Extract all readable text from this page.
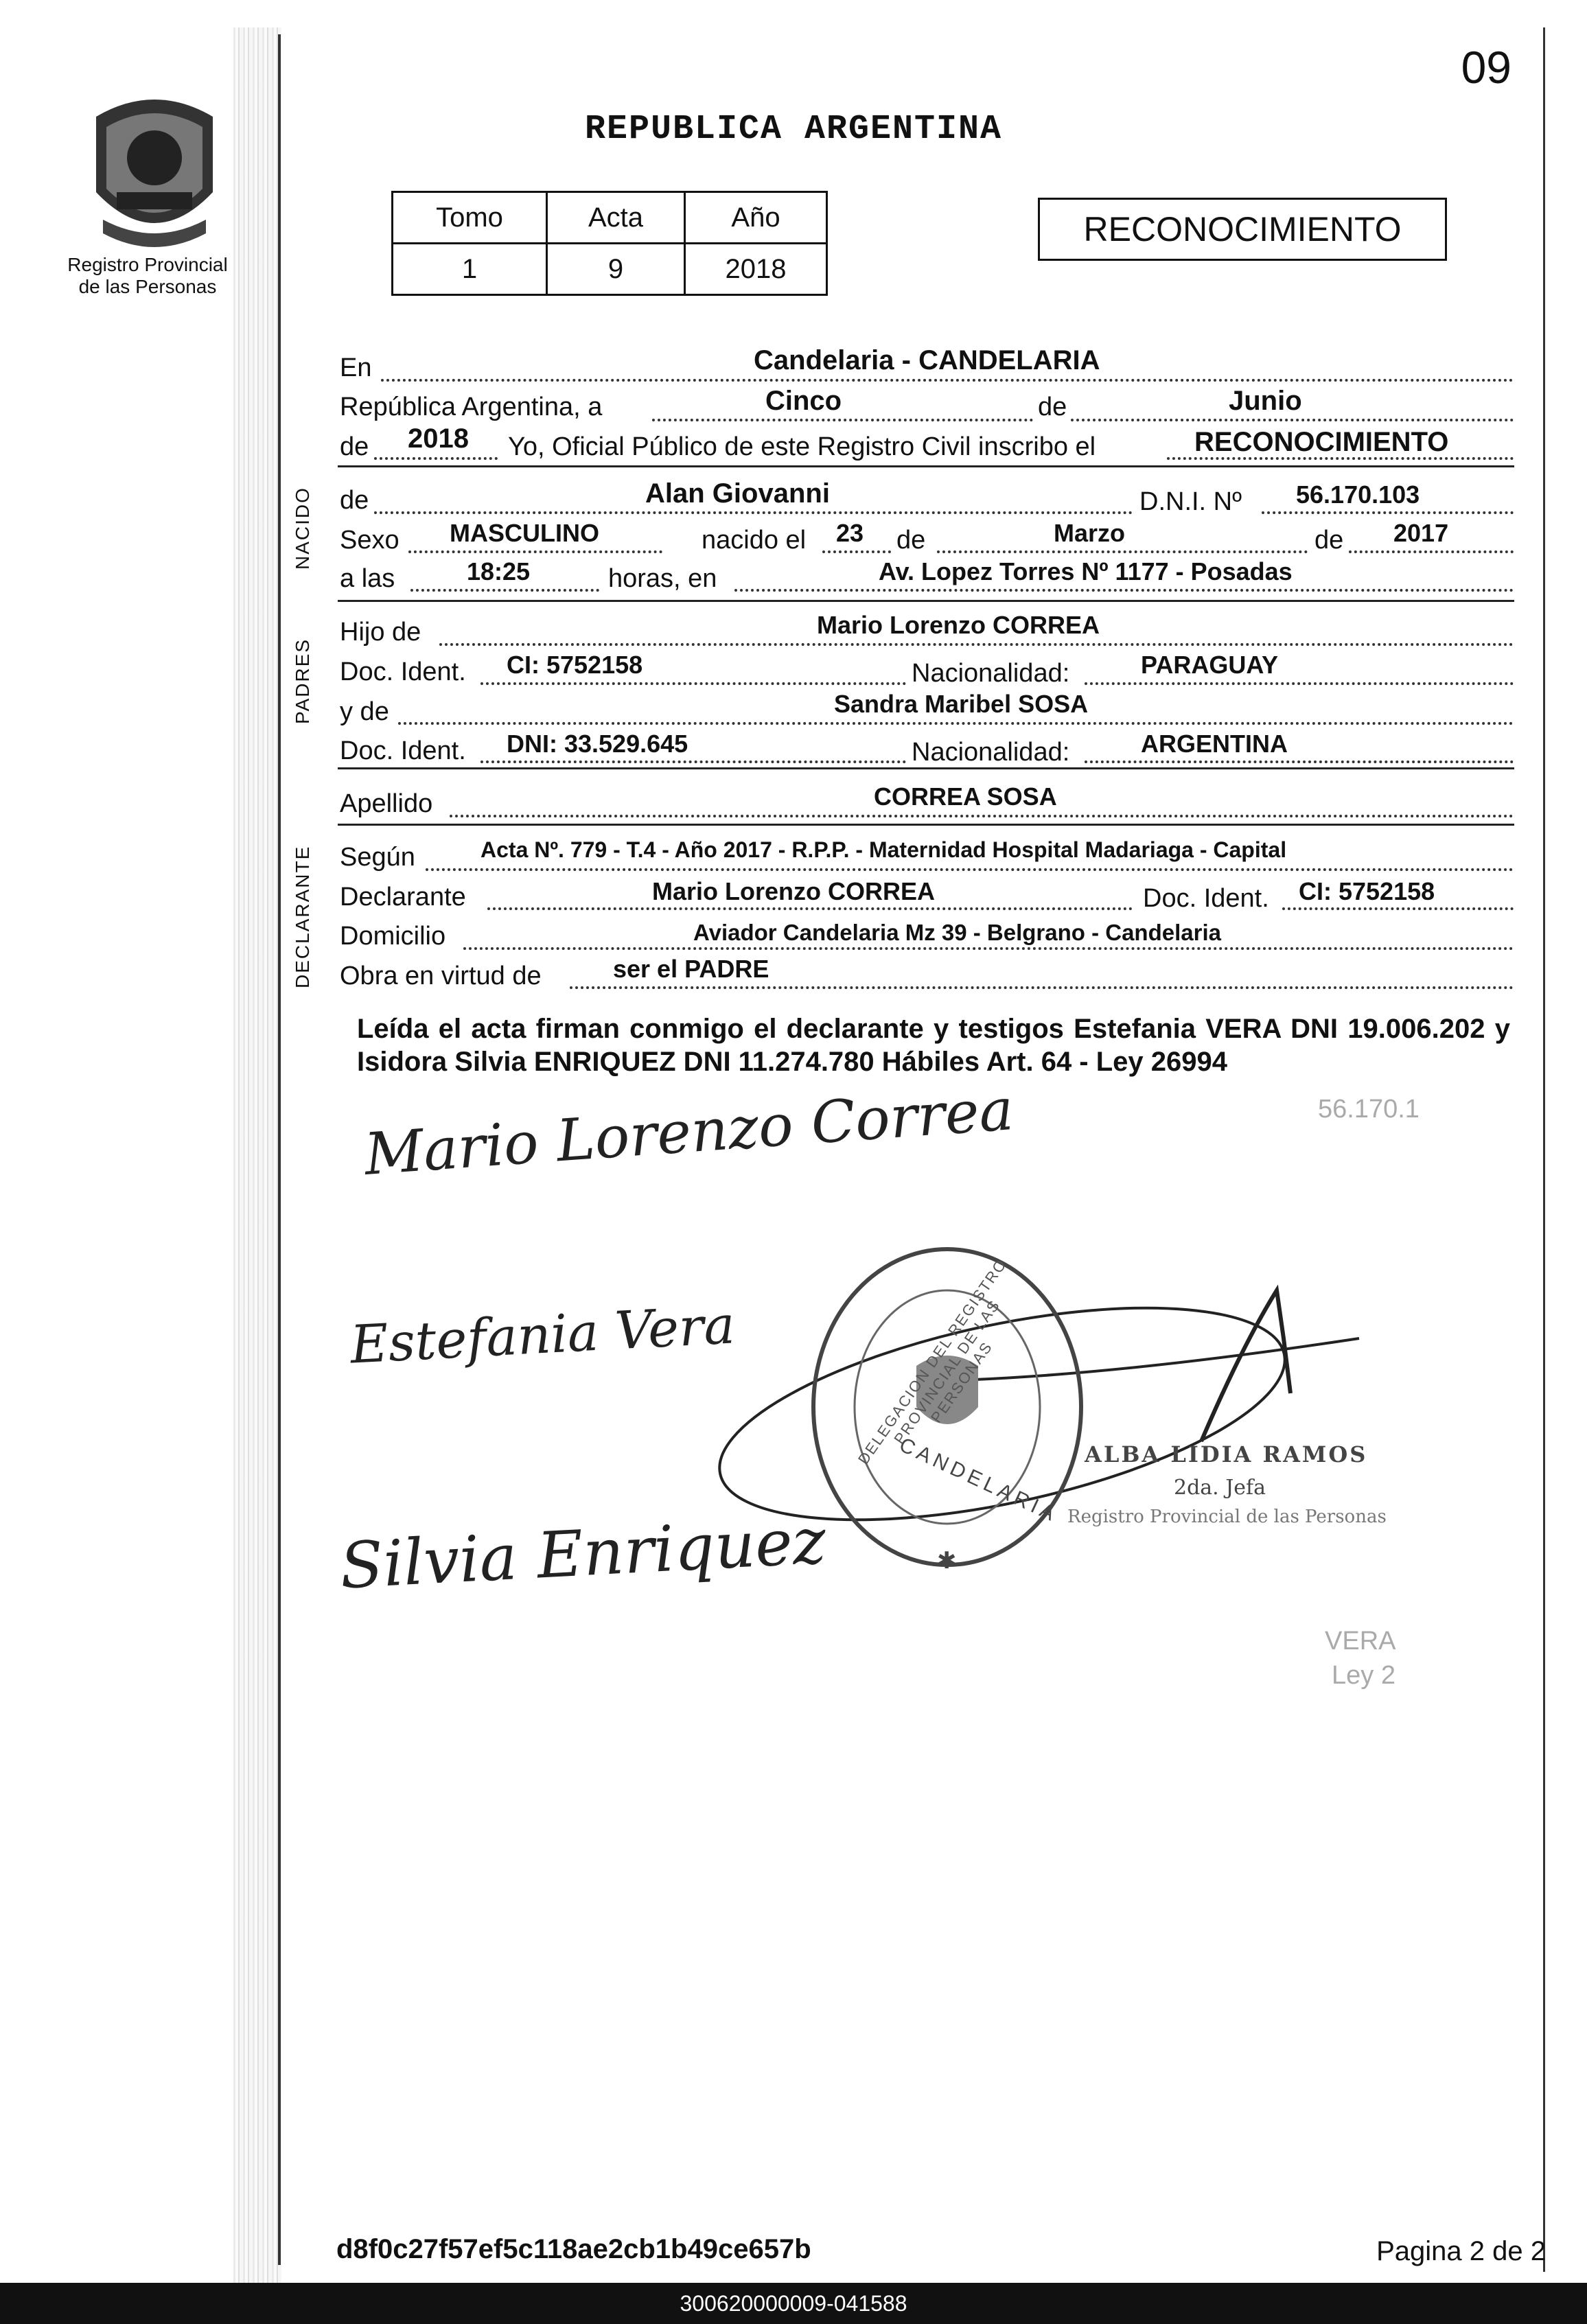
09
Registro Provincial
de las Personas
REPUBLICA ARGENTINA
Tomo	Acta	Año
1	9	2018
RECONOCIMIENTO
NACIDO
PADRES
DECLARANTE
En	Candelaria - CANDELARIA
República Argentina, a	Cinco	de	Junio
de 2018 Yo, Oficial Público de este Registro Civil inscribo el	RECONOCIMIENTO
de	Alan Giovanni	D.N.I. Nº 56.170.103
Sexo MASCULINO	nacido el 23 de	Marzo	de 2017
a las	18:25	horas, en	Av. Lopez Torres Nº 1177 - Posadas
Hijo de	Mario Lorenzo CORREA
Doc. Ident. CI: 5752158	Nacionalidad:	PARAGUAY
y de	Sandra Maribel SOSA
Doc. Ident. DNI: 33.529.645	Nacionalidad:	ARGENTINA
Apellido	CORREA SOSA
Según	Acta Nº. 779 - T.4 - Año 2017 - R.P.P. - Maternidad Hospital Madariaga - Capital
Declarante	Mario Lorenzo CORREA	Doc. Ident. CI: 5752158
Domicilio	Aviador Candelaria Mz 39 - Belgrano - Candelaria
Obra en virtud de	ser el PADRE
Leída el acta firman conmigo el declarante y testigos Estefania VERA DNI 19.006.202 y Isidora Silvia ENRIQUEZ DNI 11.274.780 Hábiles Art. 64 - Ley 26994
Mario Lorenzo Correa
Estefania Vera
Silvia Enriquez	✱
DELEGACION DEL REGISTRO PROVINCIAL DE LAS PERSONAS
CANDELARIA ALBA LIDIA RAMOS
2da. Jefa
Registro Provincial de las Personas
56.170.1
VERA
Ley 2
d8f0c27f57ef5c118ae2cb1b49ce657b	Pagina 2 de 2
300620000009-041588
